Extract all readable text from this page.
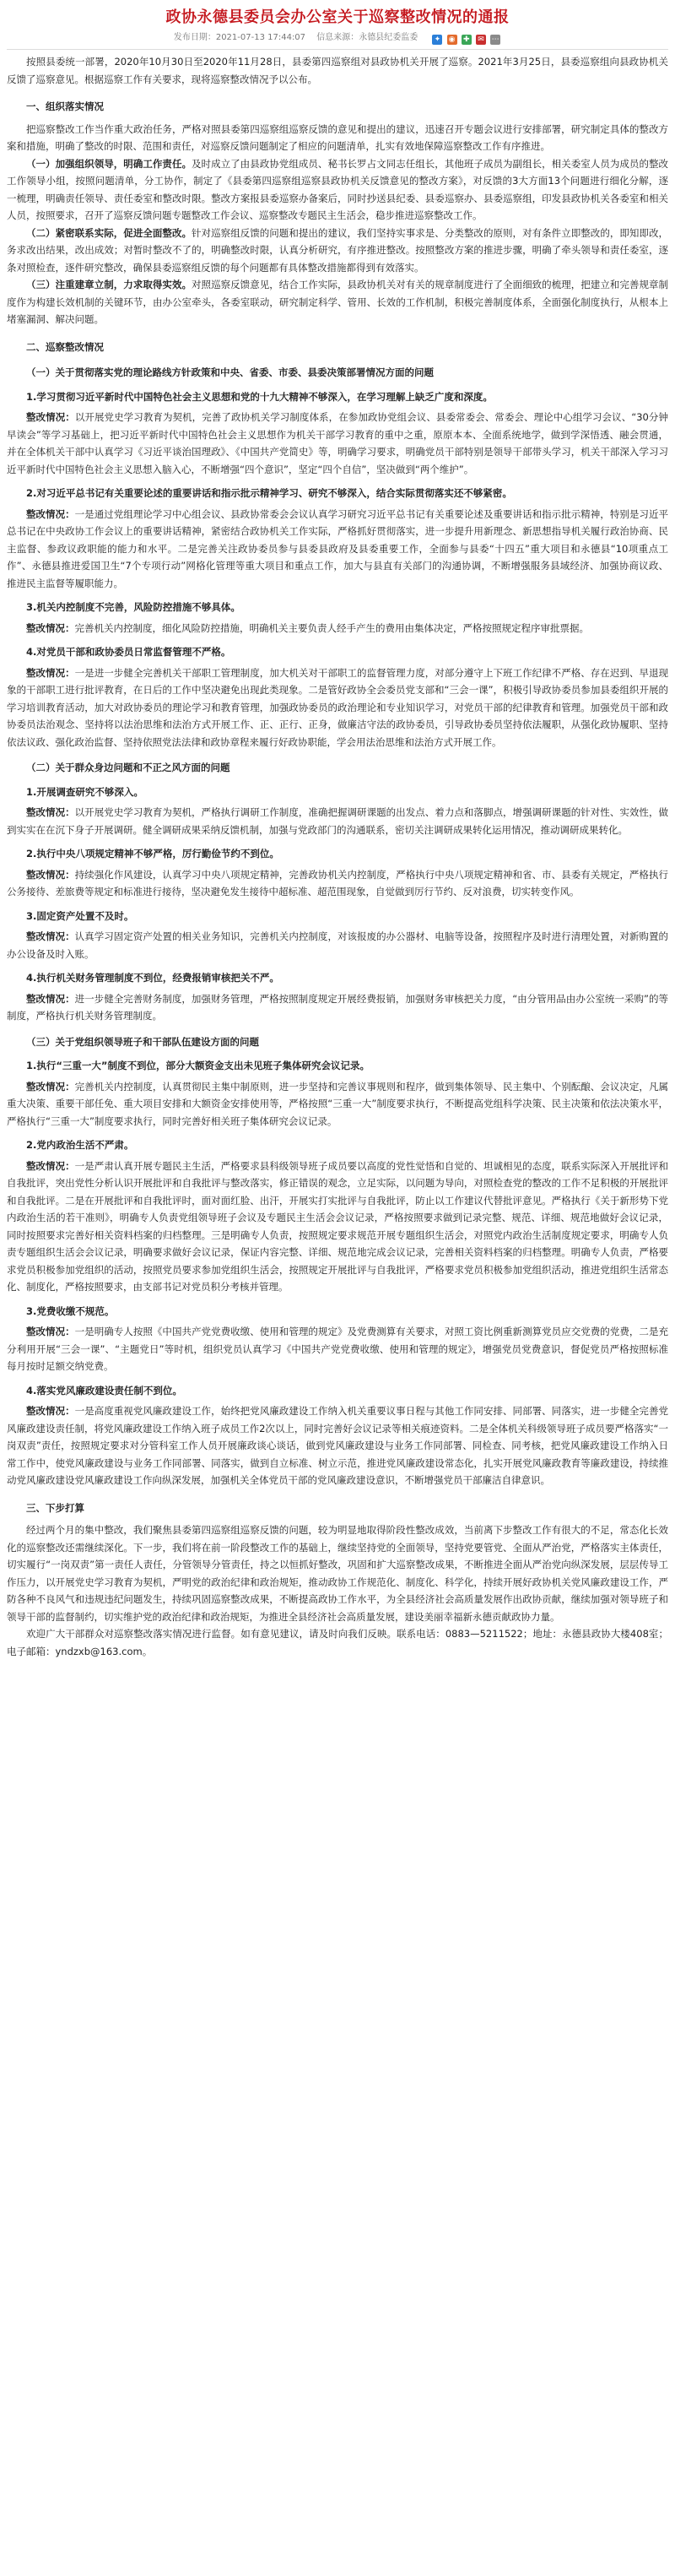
政协永德县委员会办公室关于巡察整改情况的通报
发布日期：2021-07-13 17:44:07 信息来源：永德县纪委监委 ✦ ◉ ✚ ✉ ⋯

按照县委统一部署，2020年10月30日至2020年11月28日，县委第四巡察组对县政协机关开展了巡察。2021年3月25日，县委巡察组向县政协机关反馈了巡察意见。根据巡察工作有关要求，现将巡察整改情况予以公布。

一、组织落实情况

把巡察整改工作当作重大政治任务，严格对照县委第四巡察组巡察反馈的意见和提出的建议，迅速召开专题会议进行安排部署，研究制定具体的整改方案和措施，明确了整改的时限、范围和责任，对巡察反馈问题制定了相应的问题清单，扎实有效地保障巡察整改工作有序推进。

（一）加强组织领导，明确工作责任。及时成立了由县政协党组成员、秘书长罗占文同志任组长，其他班子成员为副组长，相关委室人员为成员的整改工作领导小组，按照问题清单，分工协作，制定了《县委第四巡察组巡察县政协机关反馈意见的整改方案》，对反馈的3大方面13个问题进行细化分解，逐一梳理，明确责任领导、责任委室和整改时限。整改方案报县委巡察办备案后，同时抄送县纪委、县委巡察办、县委巡察组，印发县政协机关各委室和相关人员，按照要求，召开了巡察反馈问题专题整改工作会议、巡察整改专题民主生活会，稳步推进巡察整改工作。

（二）紧密联系实际，促进全面整改。针对巡察组反馈的问题和提出的建议，我们坚持实事求是、分类整改的原则，对有条件立即整改的，即知即改，务求改出结果，改出成效；对暂时整改不了的，明确整改时限，认真分析研究，有序推进整改。按照整改方案的推进步骤，明确了牵头领导和责任委室，逐条对照检查，逐件研究整改，确保县委巡察组反馈的每个问题都有具体整改措施都得到有效落实。

（三）注重建章立制，力求取得实效。对照巡察反馈意见，结合工作实际，县政协机关对有关的规章制度进行了全面细致的梳理，把建立和完善规章制度作为构建长效机制的关键环节，由办公室牵头，各委室联动，研究制定科学、管用、长效的工作机制，积极完善制度体系，全面强化制度执行，从根本上堵塞漏洞、解决问题。

二、巡察整改情况

（一）关于贯彻落实党的理论路线方针政策和中央、省委、市委、县委决策部署情况方面的问题

1.学习贯彻习近平新时代中国特色社会主义思想和党的十九大精神不够深入，在学习理解上缺乏广度和深度。

整改情况：以开展党史学习教育为契机，完善了政协机关学习制度体系，在参加政协党组会议、县委常委会、常委会、理论中心组学习会议、“30分钟早读会”等学习基础上，把习近平新时代中国特色社会主义思想作为机关干部学习教育的重中之重，原原本本、全面系统地学，做到学深悟透、融会贯通，并在全体机关干部中认真学习《习近平谈治国理政》、《中国共产党简史》等，明确学习要求，明确党员干部特别是领导干部带头学习，机关干部深入学习习近平新时代中国特色社会主义思想入脑入心，不断增强“四个意识”，坚定“四个自信”，坚决做到“两个维护”。

2.对习近平总书记有关重要论述的重要讲话和指示批示精神学习、研究不够深入，结合实际贯彻落实还不够紧密。

整改情况：一是通过党组理论学习中心组会议、县政协常委会会议认真学习研究习近平总书记有关重要论述及重要讲话和指示批示精神，特别是习近平总书记在中央政协工作会议上的重要讲话精神，紧密结合政协机关工作实际，严格抓好贯彻落实，进一步提升用新理念、新思想指导机关履行政治协商、民主监督、参政议政职能的能力和水平。二是完善关注政协委员参与县委县政府及县委重要工作，全面参与县委“十四五”重大项目和永德县“10项重点工作”、永德县推进爱国卫生“7个专项行动”网格化管理等重大项目和重点工作，加大与县直有关部门的沟通协调，不断增强服务县域经济、加强协商议政、推进民主监督等履职能力。

3.机关内控制度不完善，风险防控措施不够具体。

整改情况：完善机关内控制度，细化风险防控措施，明确机关主要负责人经手产生的费用由集体决定，严格按照规定程序审批票据。

4.对党员干部和政协委员日常监督管理不严格。

整改情况：一是进一步健全完善机关干部职工管理制度，加大机关对干部职工的监督管理力度，对部分遵守上下班工作纪律不严格、存在迟到、早退现象的干部职工进行批评教育，在日后的工作中坚决避免出现此类现象。二是管好政协全会委员党支部和“三会一课”，积极引导政协委员参加县委组织开展的学习培训教育活动，加大对政协委员的理论学习和教育管理，加强政协委员的政治理论和专业知识学习，对党员干部的纪律教育和管理。加强党员干部和政协委员法治观念、坚持将以法治思维和法治方式开展工作、正、正行、正身，做廉洁守法的政协委员，引导政协委员坚持依法履职，从强化政协履职、坚持依法议政、强化政治监督、坚持依照党法法律和政协章程来履行好政协职能，学会用法治思维和法治方式开展工作。

（二）关于群众身边问题和不正之风方面的问题

1.开展调查研究不够深入。

整改情况：以开展党史学习教育为契机，严格执行调研工作制度，准确把握调研课题的出发点、着力点和落脚点，增强调研课题的针对性、实效性，做到实实在在沉下身子开展调研。健全调研成果采纳反馈机制，加强与党政部门的沟通联系，密切关注调研成果转化运用情况，推动调研成果转化。

2.执行中央八项规定精神不够严格，厉行勤俭节约不到位。

整改情况：持续强化作风建设，认真学习中央八项规定精神，完善政协机关内控制度，严格执行中央八项规定精神和省、市、县委有关规定，严格执行公务接待、差旅费等规定和标准进行接待，坚决避免发生接待中超标准、超范围现象，自觉做到厉行节约、反对浪费，切实转变作风。

3.固定资产处置不及时。

整改情况：认真学习固定资产处置的相关业务知识，完善机关内控制度，对该报废的办公器材、电脑等设备，按照程序及时进行清理处置，对新购置的办公设备及时入账。

4.执行机关财务管理制度不到位，经费报销审核把关不严。

整改情况：进一步健全完善财务制度，加强财务管理，严格按照制度规定开展经费报销，加强财务审核把关力度，“由分管用品由办公室统一采购”的等制度，严格执行机关财务管理制度。

（三）关于党组织领导班子和干部队伍建设方面的问题

1.执行“三重一大”制度不到位，部分大额资金支出未见班子集体研究会议记录。

整改情况：完善机关内控制度，认真贯彻民主集中制原则，进一步坚持和完善议事规则和程序，做到集体领导、民主集中、个别酝酿、会议决定，凡属重大决策、重要干部任免、重大项目安排和大额资金安排使用等，严格按照“三重一大”制度要求执行，不断提高党组科学决策、民主决策和依法决策水平，严格执行“三重一大”制度要求执行，同时完善好相关班子集体研究会议记录。

2.党内政治生活不严肃。

整改情况：一是严肃认真开展专题民主生活，严格要求县科级领导班子成员要以高度的党性觉悟和自觉的、坦诚相见的态度，联系实际深入开展批评和自我批评，突出党性分析认识开展批评和自我批评与整改落实，修正错误的观念，立足实际，以问题为导向，对照检查党的整改的工作不足积极的开展批评和自我批评。二是在开展批评和自我批评时，面对面红脸、出汗，开展实打实批评与自我批评，防止以工作建议代替批评意见。严格执行《关于新形势下党内政治生活的若干准则》，明确专人负责党组领导班子会议及专题民主生活会会议记录，严格按照要求做到记录完整、规范、详细、规范地做好会议记录，同时按照要求完善好相关资料档案的归档整理。三是明确专人负责，按照规定要求规范开展专题组织生活会，对照党内政治生活制度规定要求，明确专人负责专题组织生活会会议记录，明确要求做好会议记录，保证内容完整、详细、规范地完成会议记录，完善相关资料档案的归档整理。明确专人负责，严格要求党员积极参加党组织的活动，按照党员要求参加党组织生活会，按照规定开展批评与自我批评，严格要求党员积极参加党组织活动，推进党组织生活常态化、制度化，严格按照要求，由支部书记对党员积分考核并管理。

3.党费收缴不规范。

整改情况：一是明确专人按照《中国共产党党费收缴、使用和管理的规定》及党费测算有关要求，对照工资比例重新测算党员应交党费的党费，二是充分利用开展“三会一课”、“主题党日”等时机，组织党员认真学习《中国共产党党费收缴、使用和管理的规定》，增强党员党费意识，督促党员严格按照标准每月按时足额交纳党费。

4.落实党风廉政建设责任制不到位。

整改情况：一是高度重视党风廉政建设工作，始终把党风廉政建设工作纳入机关重要议事日程与其他工作同安排、同部署、同落实，进一步健全完善党风廉政建设责任制，将党风廉政建设工作纳入班子成员工作2次以上，同时完善好会议记录等相关痕迹资料。二是全体机关科级领导班子成员要严格落实“一岗双责”责任，按照规定要求对分管科室工作人员开展廉政谈心谈话，做到党风廉政建设与业务工作同部署、同检查、同考核，把党风廉政建设工作纳入日常工作中，使党风廉政建设与业务工作同部署、同落实，做到自立标准、树立示范，推进党风廉政建设常态化，扎实开展党风廉政教育等廉政建设，持续推动党风廉政建设党风廉政建设工作向纵深发展，加强机关全体党员干部的党风廉政建设意识，不断增强党员干部廉洁自律意识。

三、下步打算

经过两个月的集中整改，我们聚焦县委第四巡察组巡察反馈的问题，较为明显地取得阶段性整改成效，当前离下步整改工作有很大的不足，常态化长效化的巡察整改还需继续深化。下一步，我们将在前一阶段整改工作的基础上，继续坚持党的全面领导，坚持党要管党、全面从严治党，严格落实主体责任，切实履行“一岗双责”第一责任人责任，分管领导分管责任，持之以恒抓好整改，巩固和扩大巡察整改成果，不断推进全面从严治党向纵深发展，层层传导工作压力，以开展党史学习教育为契机，严明党的政治纪律和政治规矩，推动政协工作规范化、制度化、科学化，持续开展好政协机关党风廉政建设工作，严防各种不良风气和违规违纪问题发生，持续巩固巡察整改成果，不断提高政协工作水平，为全县经济社会高质量发展作出政协贡献，继续加强对领导班子和领导干部的监督制约，切实维护党的政治纪律和政治规矩，为推进全县经济社会高质量发展，建设美丽幸福新永德贡献政协力量。

欢迎广大干部群众对巡察整改落实情况进行监督。如有意见建议，请及时向我们反映。联系电话：0883—5211522；地址：永德县政协大楼408室；电子邮箱：yndzxb@163.com。
